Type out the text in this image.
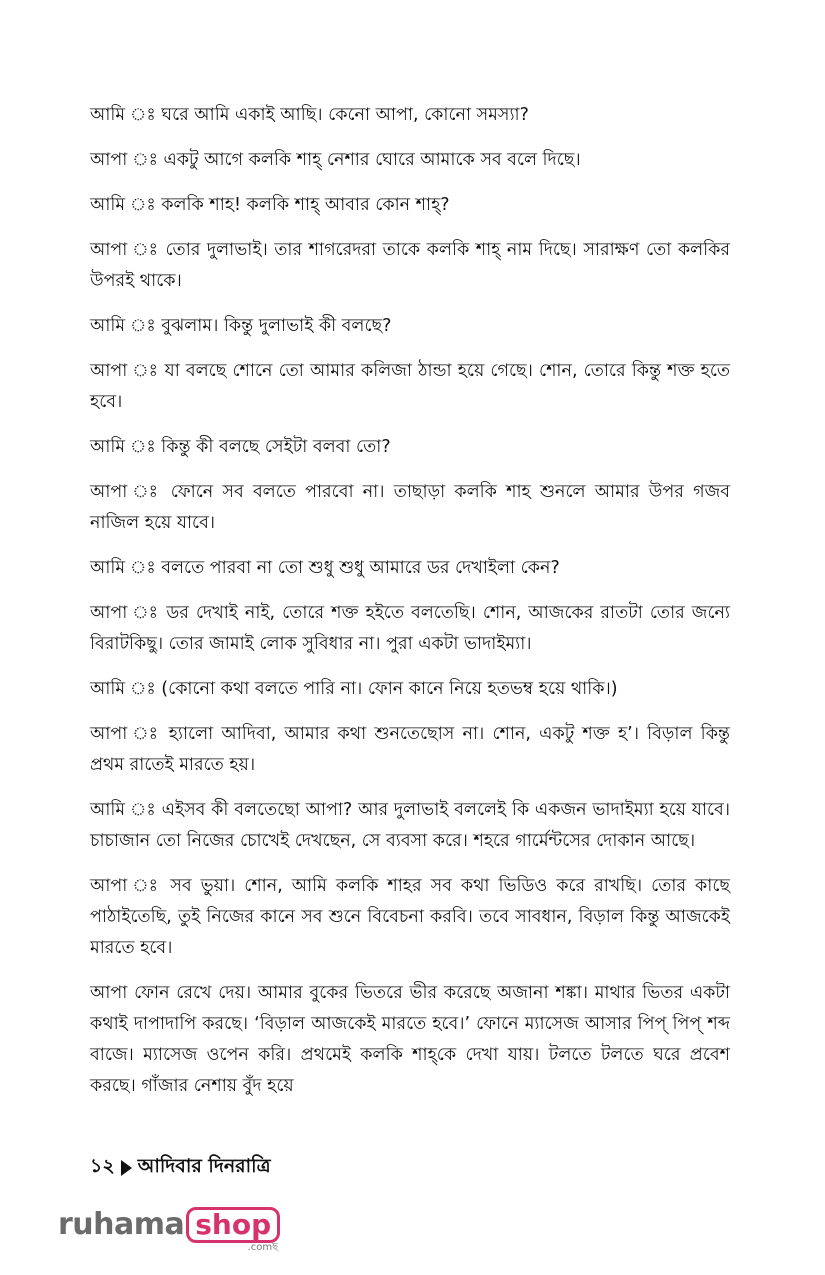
আমি ঃ ঘরে আমি একাই আছি। কেনো আপা, কোনো সমস্যা?

আপা ঃ একটু আগে কলকি শাহ্ নেশার ঘোরে আমাকে সব বলে দিছে।

আমি ঃ কলকি শাহ! কলকি শাহ্ আবার কোন শাহ্?

আপা ঃ তোর দুলাভাই। তার শাগরেদরা তাকে কলকি শাহ্ নাম দিছে। সারাক্ষণ তো কলকির উপরই থাকে।

আমি ঃ বুঝলাম। কিন্তু দুলাভাই কী বলছে?

আপা ঃ যা বলছে শোনে তো আমার কলিজা ঠান্ডা হয়ে গেছে। শোন, তোরে কিন্তু শক্ত হতে হবে।

আমি ঃ কিন্তু কী বলছে সেইটা বলবা তো?

আপা ঃ ফোনে সব বলতে পারবো না। তাছাড়া কলকি শাহ শুনলে আমার উপর গজব নাজিল হয়ে যাবে।

আমি ঃ বলতে পারবা না তো শুধু শুধু আমারে ডর দেখাইলা কেন?

আপা ঃ ডর দেখাই নাই, তোরে শক্ত হইতে বলতেছি। শোন, আজকের রাতটা তোর জন্যে বিরাটকিছু। তোর জামাই লোক সুবিধার না। পুরা একটা ভাদাইম্যা।

আমি ঃ (কোনো কথা বলতে পারি না। ফোন কানে নিয়ে হতভম্ব হয়ে থাকি।)

আপা ঃ হ্যালো আদিবা, আমার কথা শুনতেছোস না। শোন, একটু শক্ত হ’। বিড়াল কিন্তু প্রথম রাতেই মারতে হয়।

আমি ঃ এইসব কী বলতেছো আপা? আর দুলাভাই বললেই কি একজন ভাদাইম্যা হয়ে যাবে। চাচাজান তো নিজের চোখেই দেখছেন, সে ব্যবসা করে। শহরে গার্মেন্টসের দোকান আছে।

আপা ঃ সব ভুয়া। শোন, আমি কলকি শাহর সব কথা ভিডিও করে রাখছি। তোর কাছে পাঠাইতেছি, তুই নিজের কানে সব শুনে বিবেচনা করবি। তবে সাবধান, বিড়াল কিন্তু আজকেই মারতে হবে।

আপা ফোন রেখে দেয়। আমার বুকের ভিতরে ভীর করেছে অজানা শঙ্কা। মাথার ভিতর একটা কথাই দাপাদাপি করছে। ‘বিড়াল আজকেই মারতে হবে।’ ফোনে ম্যাসেজ আসার পিপ্ পিপ্ শব্দ বাজে। ম্যাসেজ ওপেন করি। প্রথমেই কলকি শাহ্‌কে দেখা যায়। টলতে টলতে ঘরে প্রবেশ করছে। গাঁজার নেশায় বুঁদ হয়ে

১২ আদিবার দিনরাত্রি
ruhama shop
.comছ
